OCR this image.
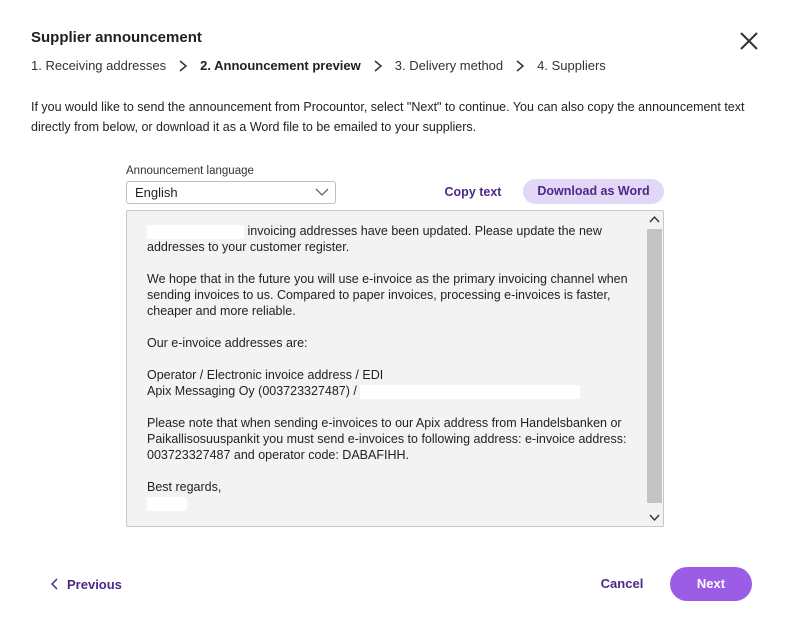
Supplier announcement
1. Receiving addresses	2. Announcement preview	3. Delivery method	4. Suppliers
If you would like to send the announcement from Procountor, select "Next" to continue. You can also copy the announcement text
directly from below, or download it as a Word file to be emailed to your suppliers.
Announcement language
English	Copy text	Download as Word

invoicing addresses have been updated. Please update the new
addresses to your customer register.

We hope that in the future you will use e-invoice as the primary invoicing channel when
sending invoices to us. Compared to paper invoices, processing e-invoices is faster,
cheaper and more reliable.

Our e-invoice addresses are:

Operator / Electronic invoice address / EDI
Apix Messaging Oy (003723327487) /

Please note that when sending e-invoices to our Apix address from Handelsbanken or
Paikallisosuuspankit you must send e-invoices to following address: e-invoice address:
003723327487 and operator code: DABAFIHH.

Best regards,

Previous	Cancel	Next
